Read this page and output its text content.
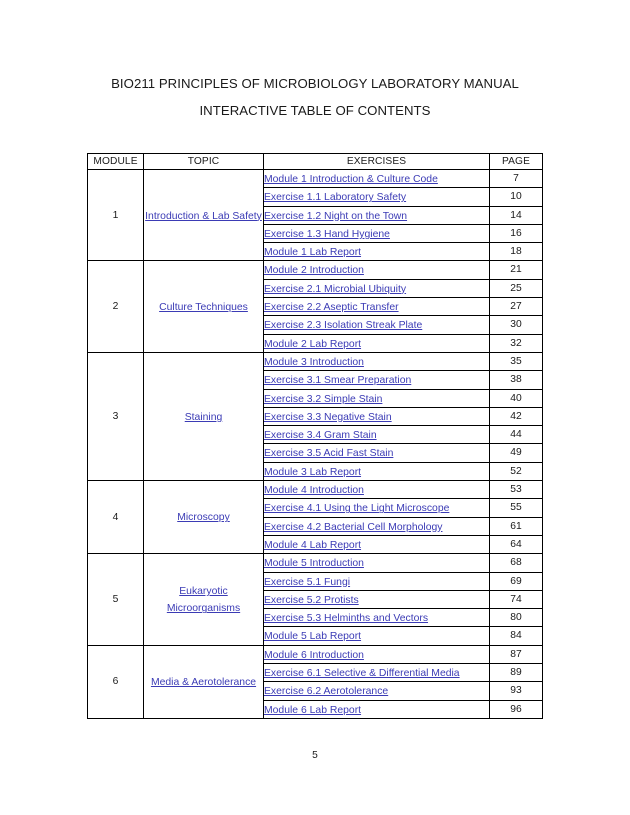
BIO211 PRINCIPLES OF MICROBIOLOGY LABORATORY MANUAL
INTERACTIVE TABLE OF CONTENTS
MODULE	TOPIC	EXERCISES	PAGE
1	Introduction & Lab Safety	Module 1 Introduction & Culture Code	7
		Exercise 1.1 Laboratory Safety	10
		Exercise 1.2 Night on the Town	14
		Exercise 1.3 Hand Hygiene	16
		Module 1 Lab Report	18
2	Culture Techniques	Module 2 Introduction	21
		Exercise 2.1 Microbial Ubiquity	25
		Exercise 2.2 Aseptic Transfer	27
		Exercise 2.3 Isolation Streak Plate	30
		Module 2 Lab Report	32
3	Staining	Module 3 Introduction	35
		Exercise 3.1 Smear Preparation	38
		Exercise 3.2 Simple Stain	40
		Exercise 3.3 Negative Stain	42
		Exercise 3.4 Gram Stain	44
		Exercise 3.5 Acid Fast Stain	49
		Module 3 Lab Report	52
4	Microscopy	Module 4 Introduction	53
		Exercise 4.1 Using the Light Microscope	55
		Exercise 4.2 Bacterial Cell Morphology	61
		Module 4 Lab Report	64
5	Eukaryotic Microorganisms	Module 5 Introduction	68
		Exercise 5.1 Fungi	69
		Exercise 5.2 Protists	74
		Exercise 5.3 Helminths and Vectors	80
		Module 5 Lab Report	84
6	Media & Aerotolerance	Module 6 Introduction	87
		Exercise 6.1 Selective & Differential Media	89
		Exercise 6.2 Aerotolerance	93
		Module 6 Lab Report	96
5
